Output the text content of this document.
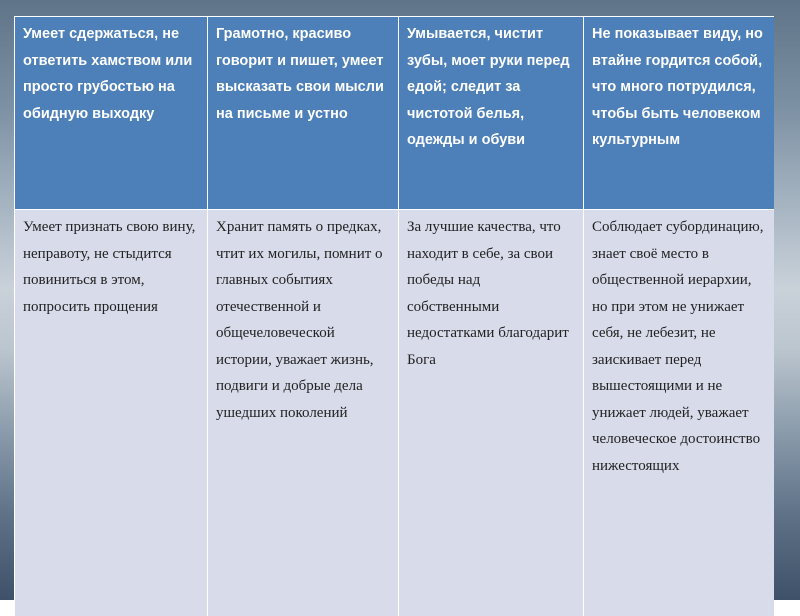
Умеет сдержаться, не ответить хамством или просто грубостью на обидную выходку	Грамотно, красиво говорит и пишет, умеет высказать свои мысли на письме и устно	Умывается, чистит зубы, моет руки перед едой; следит за чистотой белья, одежды и обуви	Не показывает виду, но втайне гордится собой, что много потрудился, чтобы быть человеком культурным
Умеет признать свою вину, неправоту, не стыдится повиниться в этом, попросить прощения	Хранит память о предках, чтит их могилы, помнит о главных событиях отечественной и общечеловеческой истории, уважает жизнь, подвиги и добрые дела ушедших поколений	За лучшие качества, что находит в себе, за свои победы над собственными недостатками благодарит Бога	Соблюдает субординацию, знает своё место в общественной иерархии, но при этом не унижает себя, не лебезит, не заискивает перед вышестоящими и не унижает людей, уважает человеческое достоинство нижестоящих
